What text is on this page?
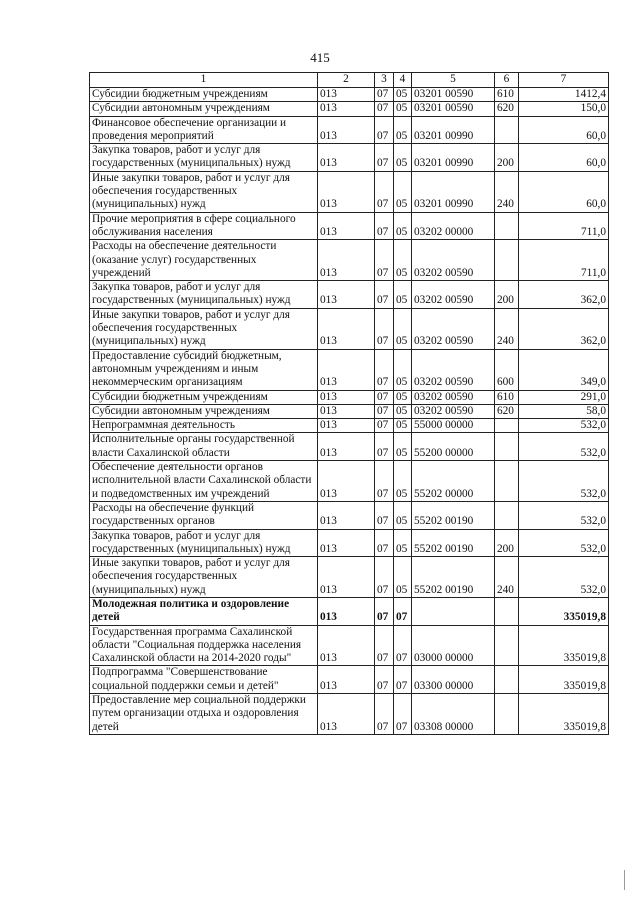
415
1	2	3	4	5	6	7
Субсидии бюджетным учреждениям	013	07	05	03201 00590	610	1412,4
Субсидии автономным учреждениям	013	07	05	03201 00590	620	150,0
Финансовое обеспечение организации и проведения мероприятий	013	07	05	03201 00990		60,0
Закупка товаров, работ и услуг для государственных (муниципальных) нужд	013	07	05	03201 00990	200	60,0
Иные закупки товаров, работ и услуг для обеспечения государственных (муниципальных) нужд	013	07	05	03201 00990	240	60,0
Прочие мероприятия в сфере социального обслуживания населения	013	07	05	03202 00000		711,0
Расходы на обеспечение деятельности (оказание услуг) государственных учреждений	013	07	05	03202 00590		711,0
Закупка товаров, работ и услуг для государственных (муниципальных) нужд	013	07	05	03202 00590	200	362,0
Иные закупки товаров, работ и услуг для обеспечения государственных (муниципальных) нужд	013	07	05	03202 00590	240	362,0
Предоставление субсидий бюджетным, автономным учреждениям и иным некоммерческим организациям	013	07	05	03202 00590	600	349,0
Субсидии бюджетным учреждениям	013	07	05	03202 00590	610	291,0
Субсидии автономным учреждениям	013	07	05	03202 00590	620	58,0
Непрограммная деятельность	013	07	05	55000 00000		532,0
Исполнительные органы государственной власти Сахалинской области	013	07	05	55200 00000		532,0
Обеспечение деятельности органов исполнительной власти Сахалинской области и подведомственных им учреждений	013	07	05	55202 00000		532,0
Расходы на обеспечение функций государственных органов	013	07	05	55202 00190		532,0
Закупка товаров, работ и услуг для государственных (муниципальных) нужд	013	07	05	55202 00190	200	532,0
Иные закупки товаров, работ и услуг для обеспечения государственных (муниципальных) нужд	013	07	05	55202 00190	240	532,0
Молодежная политика и оздоровление детей	013	07	07			335019,8
Государственная программа Сахалинской области "Социальная поддержка населения Сахалинской области на 2014-2020 годы"	013	07	07	03000 00000		335019,8
Подпрограмма "Совершенствование социальной поддержки семьи и детей"	013	07	07	03300 00000		335019,8
Предоставление мер социальной поддержки путем организации отдыха и оздоровления детей	013	07	07	03308 00000		335019,8
